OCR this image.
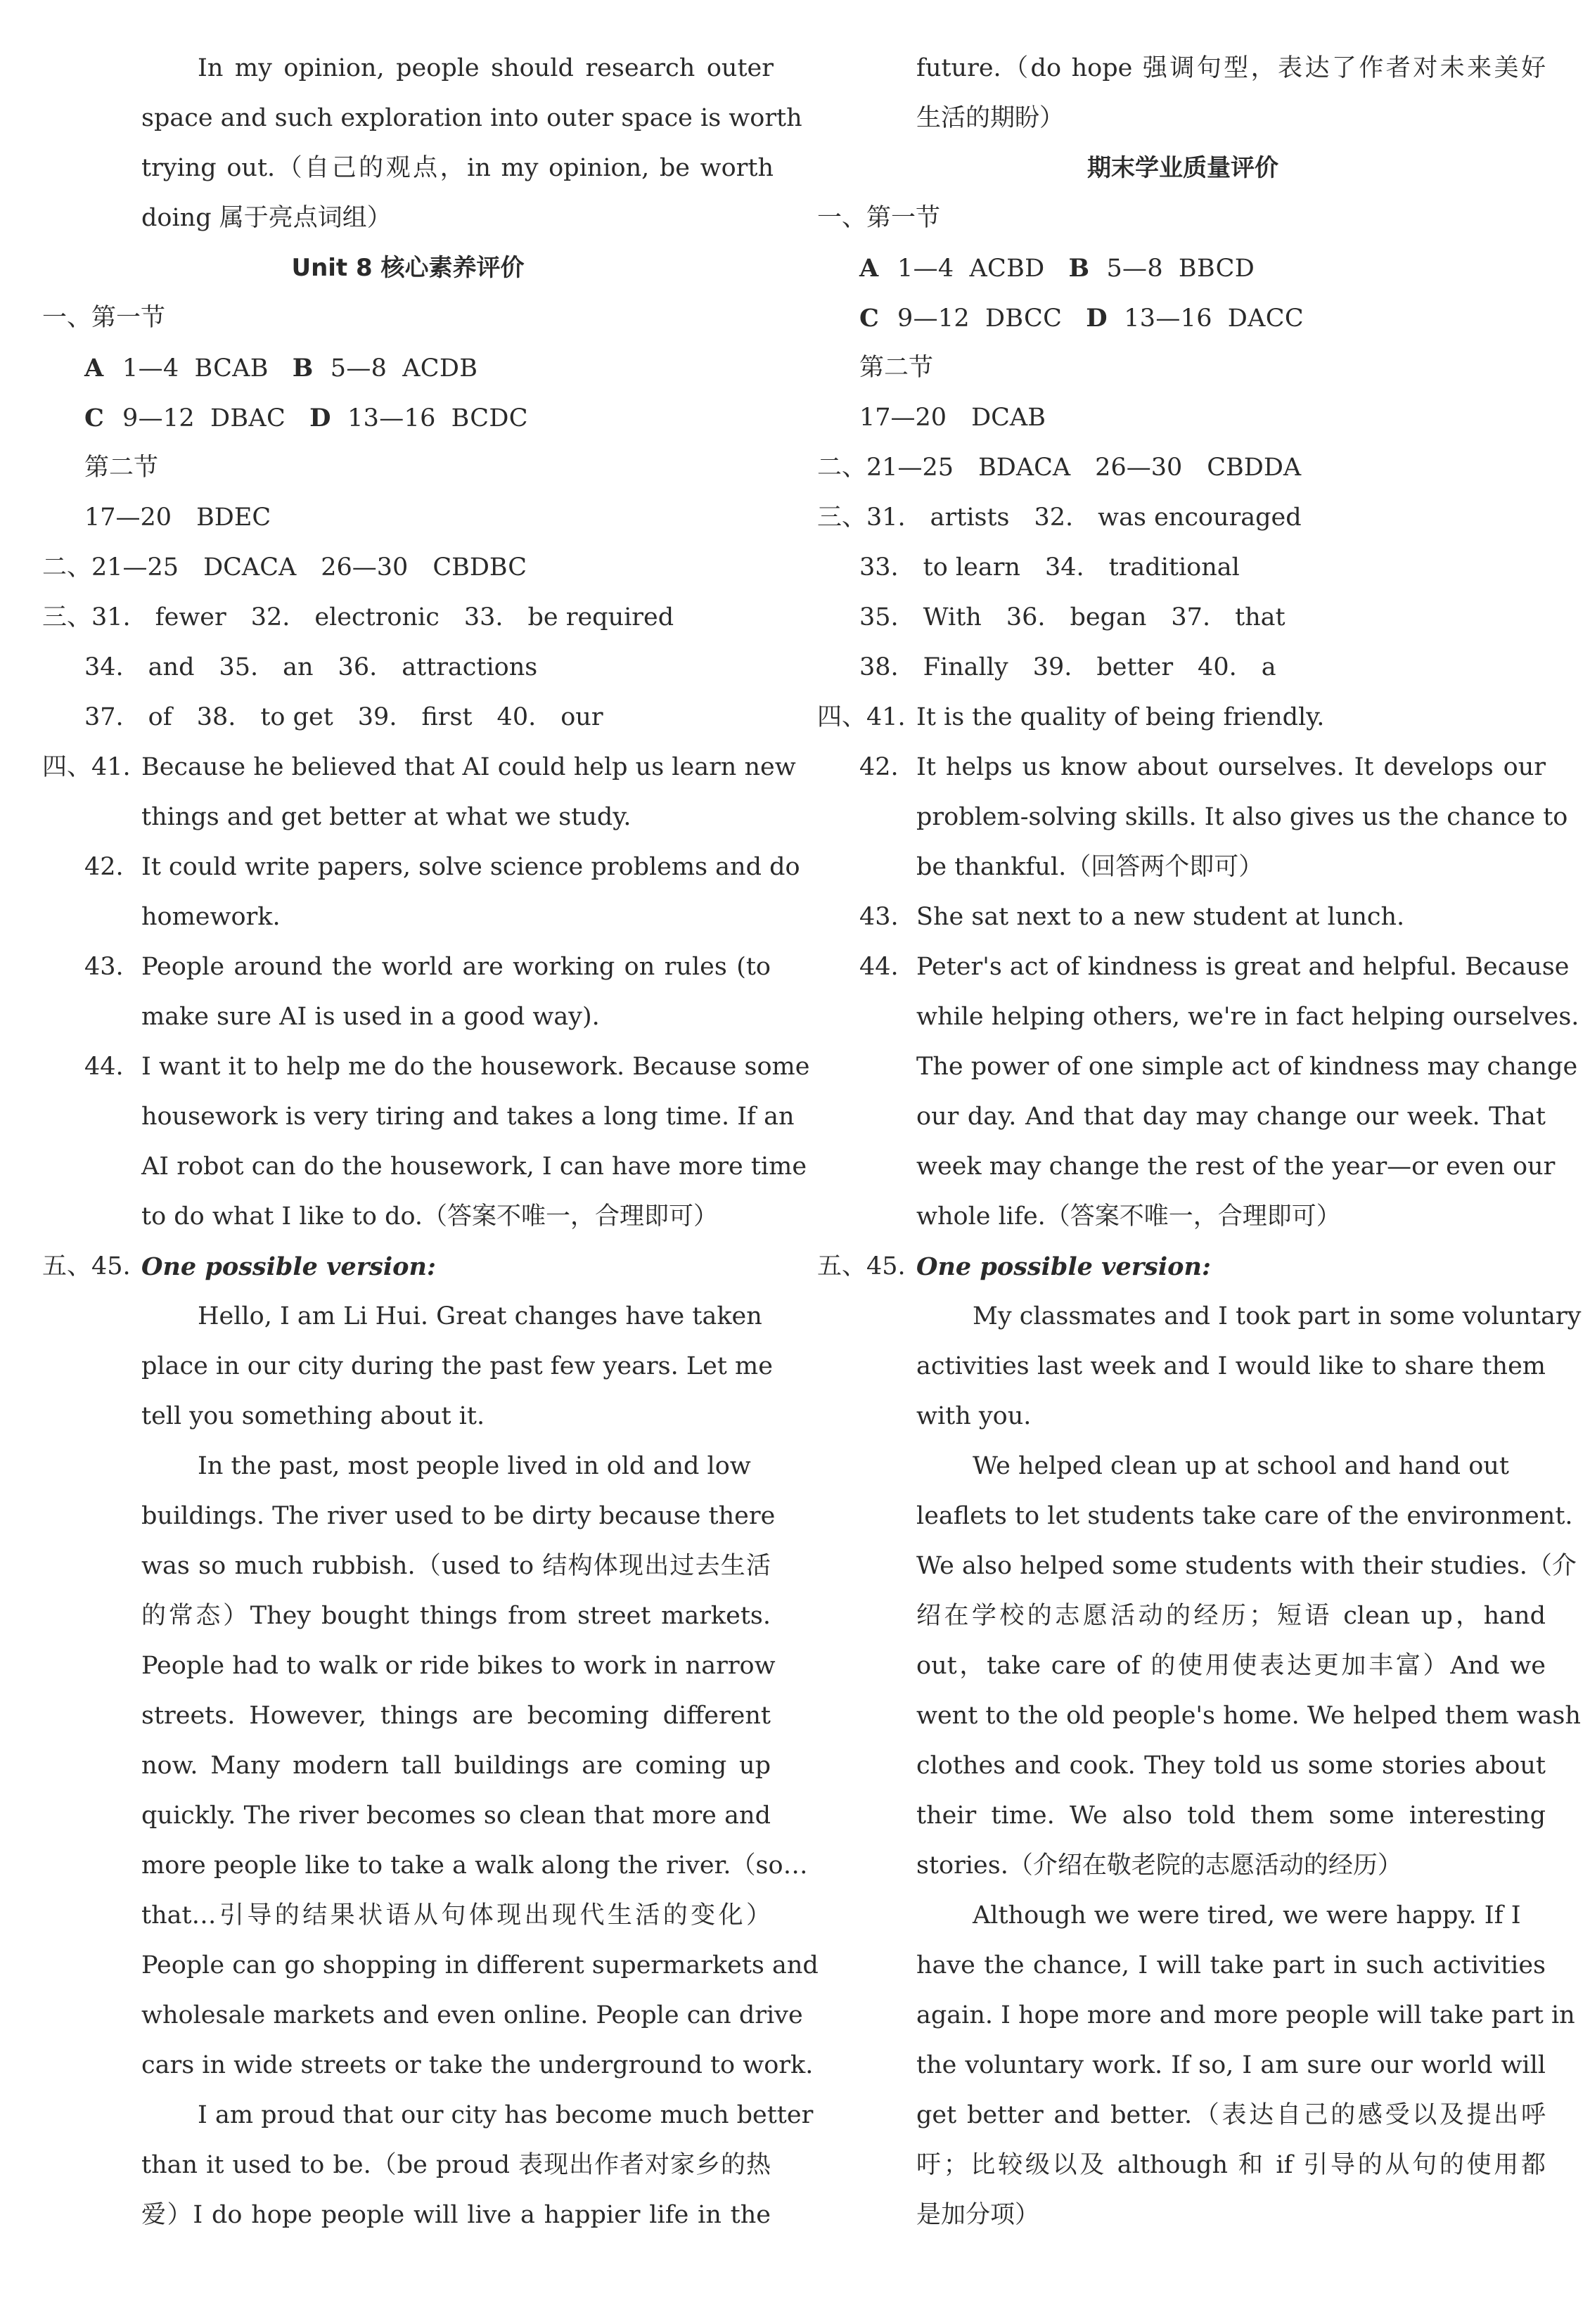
In my opinion, people should research outer
space and such exploration into outer space is worth
trying out.（自己的观点，in my opinion, be worth
doing 属于亮点词组）
Unit 8 核心素养评价
一、第一节
A 1—4 BCAB B 5—8 ACDB
C 9—12 DBAC D 13—16 BCDC
第二节
17—20　BDEC
二、21—25　DCACA　26—30　CBDBC
三、31.　fewer　32.　electronic　33.　be required
34.　and　35.　an　36.　attractions
37.　of　38.　to get　39.　first　40.　our
四、41. Because he believed that AI could help us learn new
things and get better at what we study.
42. It could write papers, solve science problems and do
homework.
43. People around the world are working on rules (to
make sure AI is used in a good way).
44. I want it to help me do the housework. Because some
housework is very tiring and takes a long time. If an
AI robot can do the housework, I can have more time
to do what I like to do.（答案不唯一，合理即可）
五、45. One possible version:
Hello, I am Li Hui. Great changes have taken
place in our city during the past few years. Let me
tell you something about it.
In the past, most people lived in old and low
buildings. The river used to be dirty because there
was so much rubbish.（used to 结构体现出过去生活
的常态）They bought things from street markets.
People had to walk or ride bikes to work in narrow
streets. However, things are becoming different
now. Many modern tall buildings are coming up
quickly. The river becomes so clean that more and
more people like to take a walk along the river.（so…
that…引导的结果状语从句体现出现代生活的变化）
People can go shopping in different supermarkets and
wholesale markets and even online. People can drive
cars in wide streets or take the underground to work.
I am proud that our city has become much better
than it used to be.（be proud 表现出作者对家乡的热
爱）I do hope people will live a happier life in the
future.（do hope 强调句型，表达了作者对未来美好
生活的期盼）
期末学业质量评价
一、第一节
A 1—4 ACBD B 5—8 BBCD
C 9—12 DBCC D 13—16 DACC
第二节
17—20　DCAB
二、21—25　BDACA　26—30　CBDDA
三、31.　artists　32.　was encouraged
33.　to learn　34.　traditional
35.　With　36.　began　37.　that
38.　Finally　39.　better　40.　a
四、41. It is the quality of being friendly.
42. It helps us know about ourselves. It develops our
problem-solving skills. It also gives us the chance to
be thankful.（回答两个即可）
43. She sat next to a new student at lunch.
44. Peter's act of kindness is great and helpful. Because
while helping others, we're in fact helping ourselves.
The power of one simple act of kindness may change
our day. And that day may change our week. That
week may change the rest of the year—or even our
whole life.（答案不唯一，合理即可）
五、45. One possible version:
My classmates and I took part in some voluntary
activities last week and I would like to share them
with you.
We helped clean up at school and hand out
leaflets to let students take care of the environment.
We also helped some students with their studies.（介
绍在学校的志愿活动的经历；短语 clean up，hand
out，take care of 的使用使表达更加丰富）And we
went to the old people's home. We helped them wash
clothes and cook. They told us some stories about
their time. We also told them some interesting
stories.（介绍在敬老院的志愿活动的经历）
Although we were tired, we were happy. If I
have the chance, I will take part in such activities
again. I hope more and more people will take part in
the voluntary work. If so, I am sure our world will
get better and better.（表达自己的感受以及提出呼
吁；比较级以及 although 和 if 引导的从句的使用都
是加分项）
